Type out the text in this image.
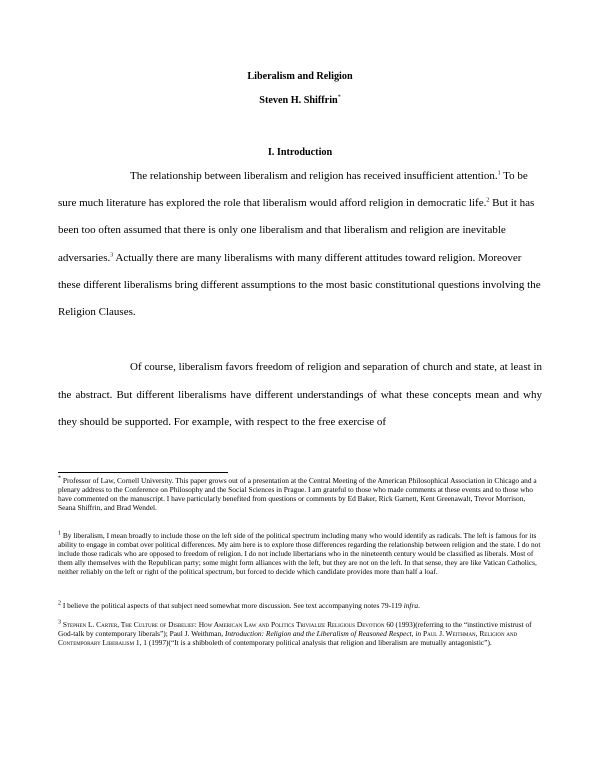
Liberalism and Religion
Steven H. Shiffrin*
I. Introduction

The relationship between liberalism and religion has received insufficient attention.$^1$ To be sure much literature has explored the role that liberalism would afford religion in democratic life.$^2$ But it has been too often assumed that there is only one liberalism and that liberalism and religion are inevitable adversaries.$^3$ Actually there are many liberalisms with many different attitudes toward religion. Moreover these different liberalisms bring different assumptions to the most basic constitutional questions involving the Religion Clauses.

Of course, liberalism favors freedom of religion and separation of church and state, at least in the abstract. But different liberalisms have different understandings of what these concepts mean and why they should be supported. For example, with respect to the free exercise of

* Professor of Law, Cornell University. This paper grows out of a presentation at the Central Meeting of the American Philosophical Association in Chicago and a plenary address to the Conference on Philosophy and the Social Sciences in Prague. I am grateful to those who made comments at these events and to those who have commented on the manuscript. I have particularly benefited from questions or comments by Ed Baker, Rick Garnett, Kent Greenawalt, Trevor Morrison, Seana Shiffrin, and Brad Wendel.

$^1$ By liberalism, I mean broadly to include those on the left side of the political spectrum including many who would identify as radicals. The left is famous for its ability to engage in combat over political differences. My aim here is to explore those differences regarding the relationship between religion and the state. I do not include those radicals who are opposed to freedom of religion. I do not include libertarians who in the nineteenth century would be classified as liberals. Most of them ally themselves with the Republican party; some might form alliances with the left, but they are not on the left. In that sense, they are like Vatican Catholics, neither reliably on the left or right of the political spectrum, but forced to decide which candidate provides more than half a loaf.

$^2$ I believe the political aspects of that subject need somewhat more discussion. See text accompanying notes 79-119 infra.

$^3$ Stephen L. Carter, The Culture of Disbelief: How American Law and Politics Trivialize Religious Devotion 60 (1993)(referring to the “instinctive mistrust of God-talk by contemporary liberals”); Paul J. Weithman, Introduction: Religion and the Liberalism of Reasoned Respect, in Paul J. Weithman, Religion and Contemporary Liberalism 1, 1 (1997)(“It is a shibboleth of contemporary political analysis that religion and liberalism are mutually antagonistic”).
